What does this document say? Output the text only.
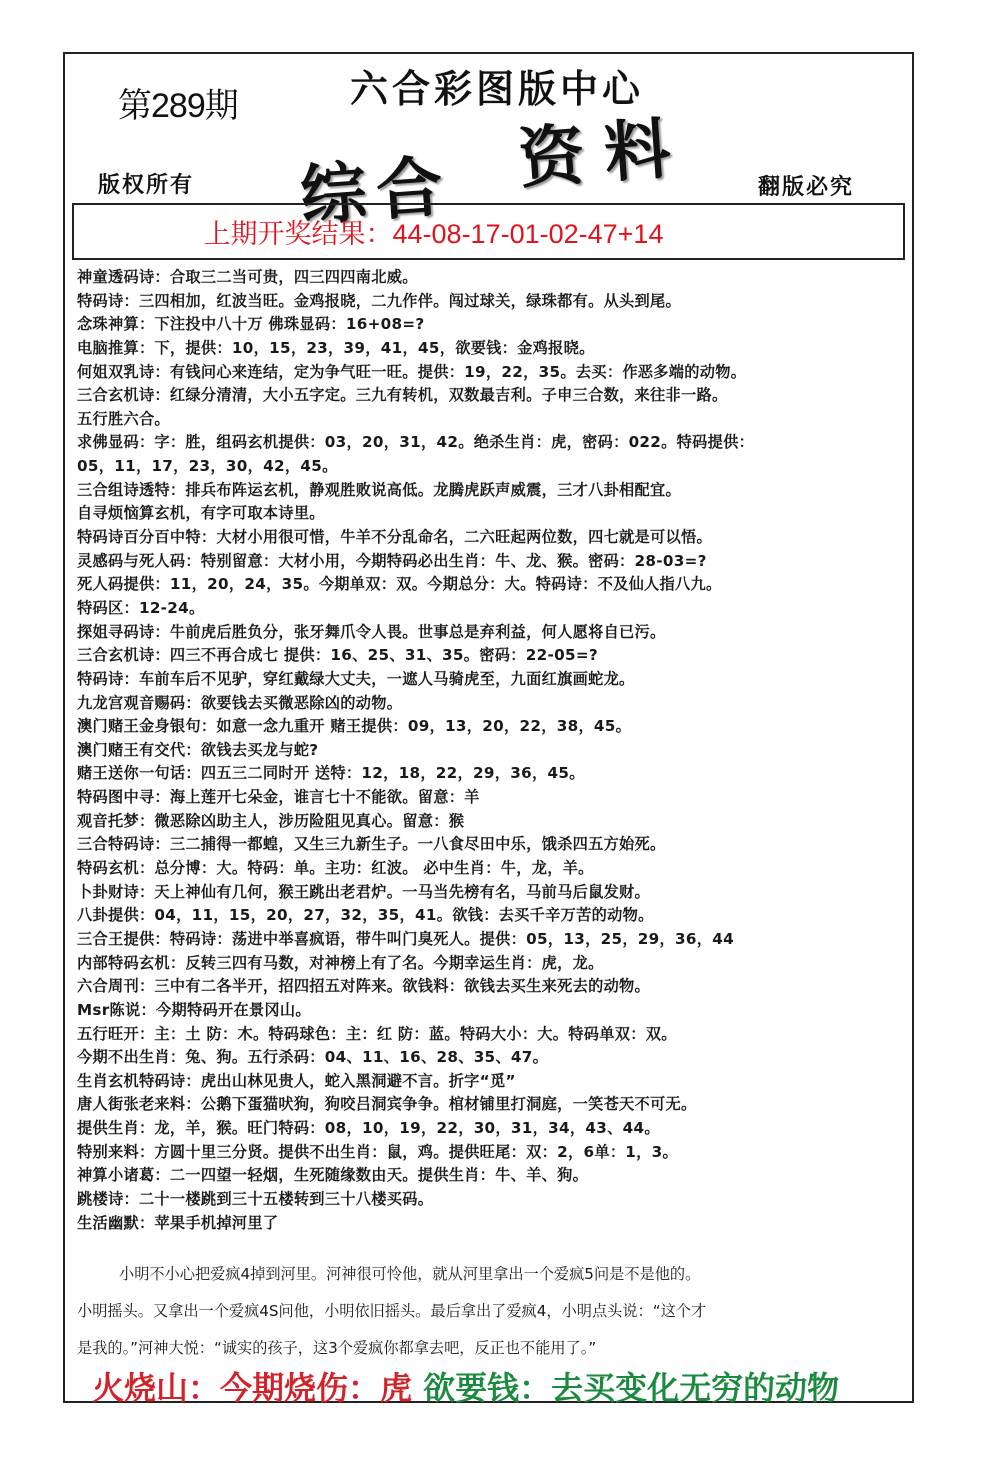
第289期	六合彩图版中心
综合 资料
版权所有	翻版必究
上期开奖结果：44-08-17-01-02-47+14
神童透码诗：合取三二当可贵，四三四四南北威。
特码诗：三四相加，红波当旺。金鸡报晓，二九作伴。闯过球关，绿珠都有。从头到尾。
念珠神算：下注投中八十万 佛珠显码：16+08=?
电脑推算：下，提供：10，15，23，39，41，45，欲要钱：金鸡报晓。
何姐双乳诗：有钱问心来连结，定为争气旺一旺。提供：19，22，35。去买：作恶多端的动物。
三合玄机诗：红绿分清清，大小五字定。三九有转机，双数最吉利。子申三合数，来往非一路。
五行胜六合。
求佛显码：字：胜，组码玄机提供：03，20，31，42。绝杀生肖：虎，密码：022。特码提供：
05，11，17，23，30，42，45。
三合组诗透特：排兵布阵运玄机，静观胜败说高低。龙腾虎跃声威震，三才八卦相配宜。
自寻烦恼算玄机，有字可取本诗里。
特码诗百分百中特：大材小用很可惜，牛羊不分乱命名，二六旺起两位数，四七就是可以悟。
灵感码与死人码：特别留意：大材小用，今期特码必出生肖：牛、龙、猴。密码：28-03=?
死人码提供：11，20，24，35。今期单双：双。今期总分：大。特码诗：不及仙人指八九。
特码区：12-24。
探姐寻码诗：牛前虎后胜负分，张牙舞爪令人畏。世事总是弃利益，何人愿将自已污。
三合玄机诗：四三不再合成七 提供：16、25、31、35。密码：22-05=?
特码诗：车前车后不见驴，穿红戴绿大丈夫，一遮人马骑虎至，九面红旗画蛇龙。
九龙宫观音赐码：欲要钱去买微恶除凶的动物。
澳门赌王金身银句：如意一念九重开 赌王提供：09，13，20，22，38，45。
澳门赌王有交代：欲钱去买龙与蛇?
赌王送你一句话：四五三二同时开 送特：12，18，22，29，36，45。
特码图中寻：海上莲开七朵金，谁言七十不能欲。留意：羊
观音托梦：微恶除凶助主人，涉历险阻见真心。留意：猴
三合特码诗：三二捕得一都蝗，又生三九新生子。一八食尽田中乐，饿杀四五方始死。
特码玄机：总分博：大。特码：单。主功：红波。 必中生肖：牛，龙，羊。
卜卦财诗：天上神仙有几何，猴王跳出老君炉。一马当先榜有名，马前马后鼠发财。
八卦提供：04，11，15，20，27，32，35，41。欲钱：去买千辛万苦的动物。
三合王提供：特码诗：荡进中举喜疯语，带牛叫门臭死人。提供：05，13，25，29，36，44
内部特码玄机：反转三四有马数，对神榜上有了名。今期幸运生肖：虎，龙。
六合周刊：三中有二各半开，招四招五对阵来。欲钱料：欲钱去买生来死去的动物。
Msr陈说：今期特码开在景冈山。
五行旺开：主：土 防：木。特码球色：主：红 防：蓝。特码大小：大。特码单双：双。
今期不出生肖：兔、狗。五行杀码：04、11、16、28、35、47。
生肖玄机特码诗：虎出山林见贵人，蛇入黑洞避不言。折字“觅”
唐人街张老来料：公鹅下蛋猫吠狗，狗咬吕洞宾争争。棺材铺里打洞庭，一笑苍天不可无。
提供生肖：龙，羊，猴。旺门特码：08，10，19，22，30，31，34，43、44。
特别来料：方圆十里三分贤。提供不出生肖：鼠，鸡。提供旺尾：双：2，6单：1，3。
神算小诸葛：二一四望一轻烟，生死随缘数由天。提供生肖：牛、羊、狗。
跳楼诗：二十一楼跳到三十五楼转到三十八楼买码。
生活幽默：苹果手机掉河里了
小明不小心把爱疯4掉到河里。河神很可怜他，就从河里拿出一个爱疯5问是不是他的。
小明摇头。又拿出一个爱疯4S问他，小明依旧摇头。最后拿出了爱疯4，小明点头说：“这个才
是我的。”河神大悦：“诚实的孩子，这3个爱疯你都拿去吧，反正也不能用了。”
火烧山：今期烧伤：虎 欲要钱：去买变化无穷的动物
